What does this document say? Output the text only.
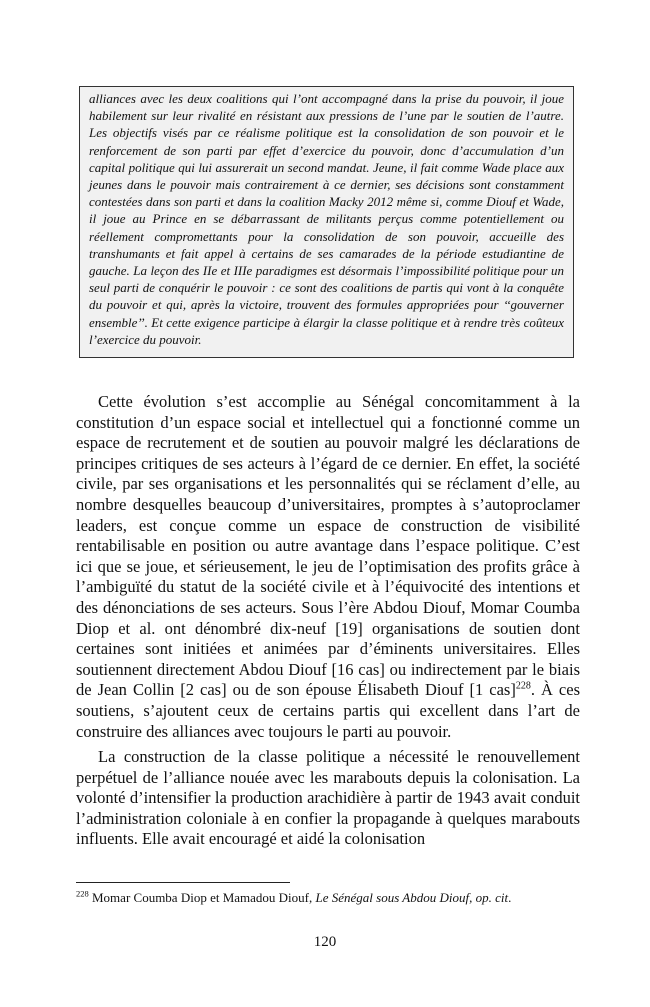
alliances avec les deux coalitions qui l’ont accompagné dans la prise du pouvoir, il joue habilement sur leur rivalité en résistant aux pressions de l’une par le soutien de l’autre. Les objectifs visés par ce réalisme politique est la consolidation de son pouvoir et le renforcement de son parti par effet d’exercice du pouvoir, donc d’accumulation d’un capital politique qui lui assurerait un second mandat. Jeune, il fait comme Wade place aux jeunes dans le pouvoir mais contrairement à ce dernier, ses décisions sont constamment contestées dans son parti et dans la coalition Macky 2012 même si, comme Diouf et Wade, il joue au Prince en se débarrassant de militants perçus comme potentiellement ou réellement compromettants pour la consolidation de son pouvoir, accueille des transhumants et fait appel à certains de ses camarades de la période estudiantine de gauche. La leçon des IIe et IIIe paradigmes est désormais l’impossibilité politique pour un seul parti de conquérir le pouvoir : ce sont des coalitions de partis qui vont à la conquête du pouvoir et qui, après la victoire, trouvent des formules appropriées pour ‘‘gouverner ensemble’’. Et cette exigence participe à élargir la classe politique et à rendre très coûteux l’exercice du pouvoir.

Cette évolution s’est accomplie au Sénégal concomitamment à la constitution d’un espace social et intellectuel qui a fonctionné comme un espace de recrutement et de soutien au pouvoir malgré les déclarations de principes critiques de ses acteurs à l’égard de ce dernier. En effet, la société civile, par ses organisations et les personnalités qui se réclament d’elle, au nombre desquelles beaucoup d’universitaires, promptes à s’autoproclamer leaders, est conçue comme un espace de construction de visibilité rentabilisable en position ou autre avantage dans l’espace politique. C’est ici que se joue, et sérieusement, le jeu de l’optimisation des profits grâce à l’ambiguïté du statut de la société civile et à l’équivocité des intentions et des dénonciations de ses acteurs. Sous l’ère Abdou Diouf, Momar Coumba Diop et al. ont dénombré dix-neuf [19] organisations de soutien dont certaines sont initiées et animées par d’éminents universitaires. Elles soutiennent directement Abdou Diouf [16 cas] ou indirectement par le biais de Jean Collin [2 cas] ou de son épouse Élisabeth Diouf [1 cas]$^{228}$. À ces soutiens, s’ajoutent ceux de certains partis qui excellent dans l’art de construire des alliances avec toujours le parti au pouvoir.

La construction de la classe politique a nécessité le renouvellement perpétuel de l’alliance nouée avec les marabouts depuis la colonisation. La volonté d’intensifier la production arachidière à partir de 1943 avait conduit l’administration coloniale à en confier la propagande à quelques marabouts influents. Elle avait encouragé et aidé la colonisation

$^{228}$ Momar Coumba Diop et Mamadou Diouf, Le Sénégal sous Abdou Diouf, op. cit.
120
